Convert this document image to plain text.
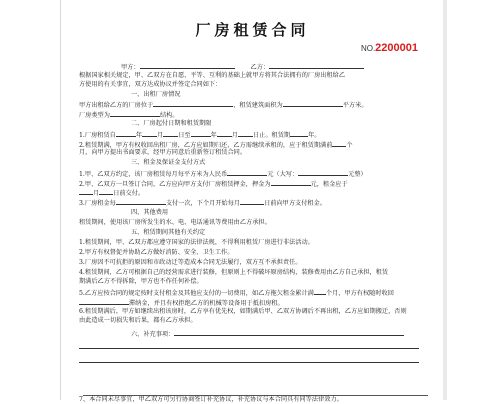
厂房租赁合同
NO.2200001
甲方：	乙方：
根据国家相关规定，甲、乙双方在自愿、平等、互利的基础上就甲方将其合法拥有的厂房出租给乙
方使用的有关事宜，双方达成协议并签定合同如下：
一、出租厂房情况
甲方出租给乙方的厂房位于	，租赁建筑面积为	平方米。
厂房类型为	结构。
二、厂房起付日期和租赁期限
1.厂房租赁自	年 月 日至	年 月 日止。租赁期	年。
2.租赁期满，甲方有权收回出租厂房，乙方应如期归还，乙方需继续承租的，应于租赁期满前 个
月，向甲方提出书面要求，经甲方同意后重新签订租赁合同。
三、租金及保证金支付方式
1.甲、乙双方约定，该厂房租赁每月每平方米为人民币	元（大写：	元整）
2.甲、乙双方一旦签订合同，乙方应向甲方支付厂房租赁押金，押金为	元，租金应于
月 日前交付。
3.厂房租金每	支付一次，下个月开始每月	日前向甲方支付租金。
四、其他费用
租赁期间，使用该厂房所发生的水、电、电话通讯等费用由乙方承担。
五、租赁期间其他有关约定
1.租赁期间，甲、乙双方都应遵守国家的法律法规，不得利用租赁厂房进行非法活动。
2.甲方有权督促并协助乙方做好消防、安全、卫生工作。
3.厂房因不可抗拒的原因和市政动迁等造成本合同无法履行，双方互不承担责任。
4.租赁期间，乙方可根据自己的经营需求进行装修，但原则上不得破坏原房结构，装修费用由乙方自己承担，租赁
期满后乙方不得拆除，甲方也不作任何补偿。
5.乙方应按合同的规定按时支付租金及其他应支付的一切费用，如乙方拖欠租金累计满 个月，甲方有权随时收回
滞纳金，并且有权拒绝乙方的机械等设备用于抵扣房租。
6.租赁期满后，甲方如继续出租该房时，乙方享有优先权，如期满后甲、乙双方协调后不再出租，乙方应如期搬迁，否则
由此造成一切损失和后果，都有乙方承担。
六、补充事项：
7、本合同未尽事宜，甲乙双方可另行协商签订补充协议，补充协议与本合同具有同等法律效力。
